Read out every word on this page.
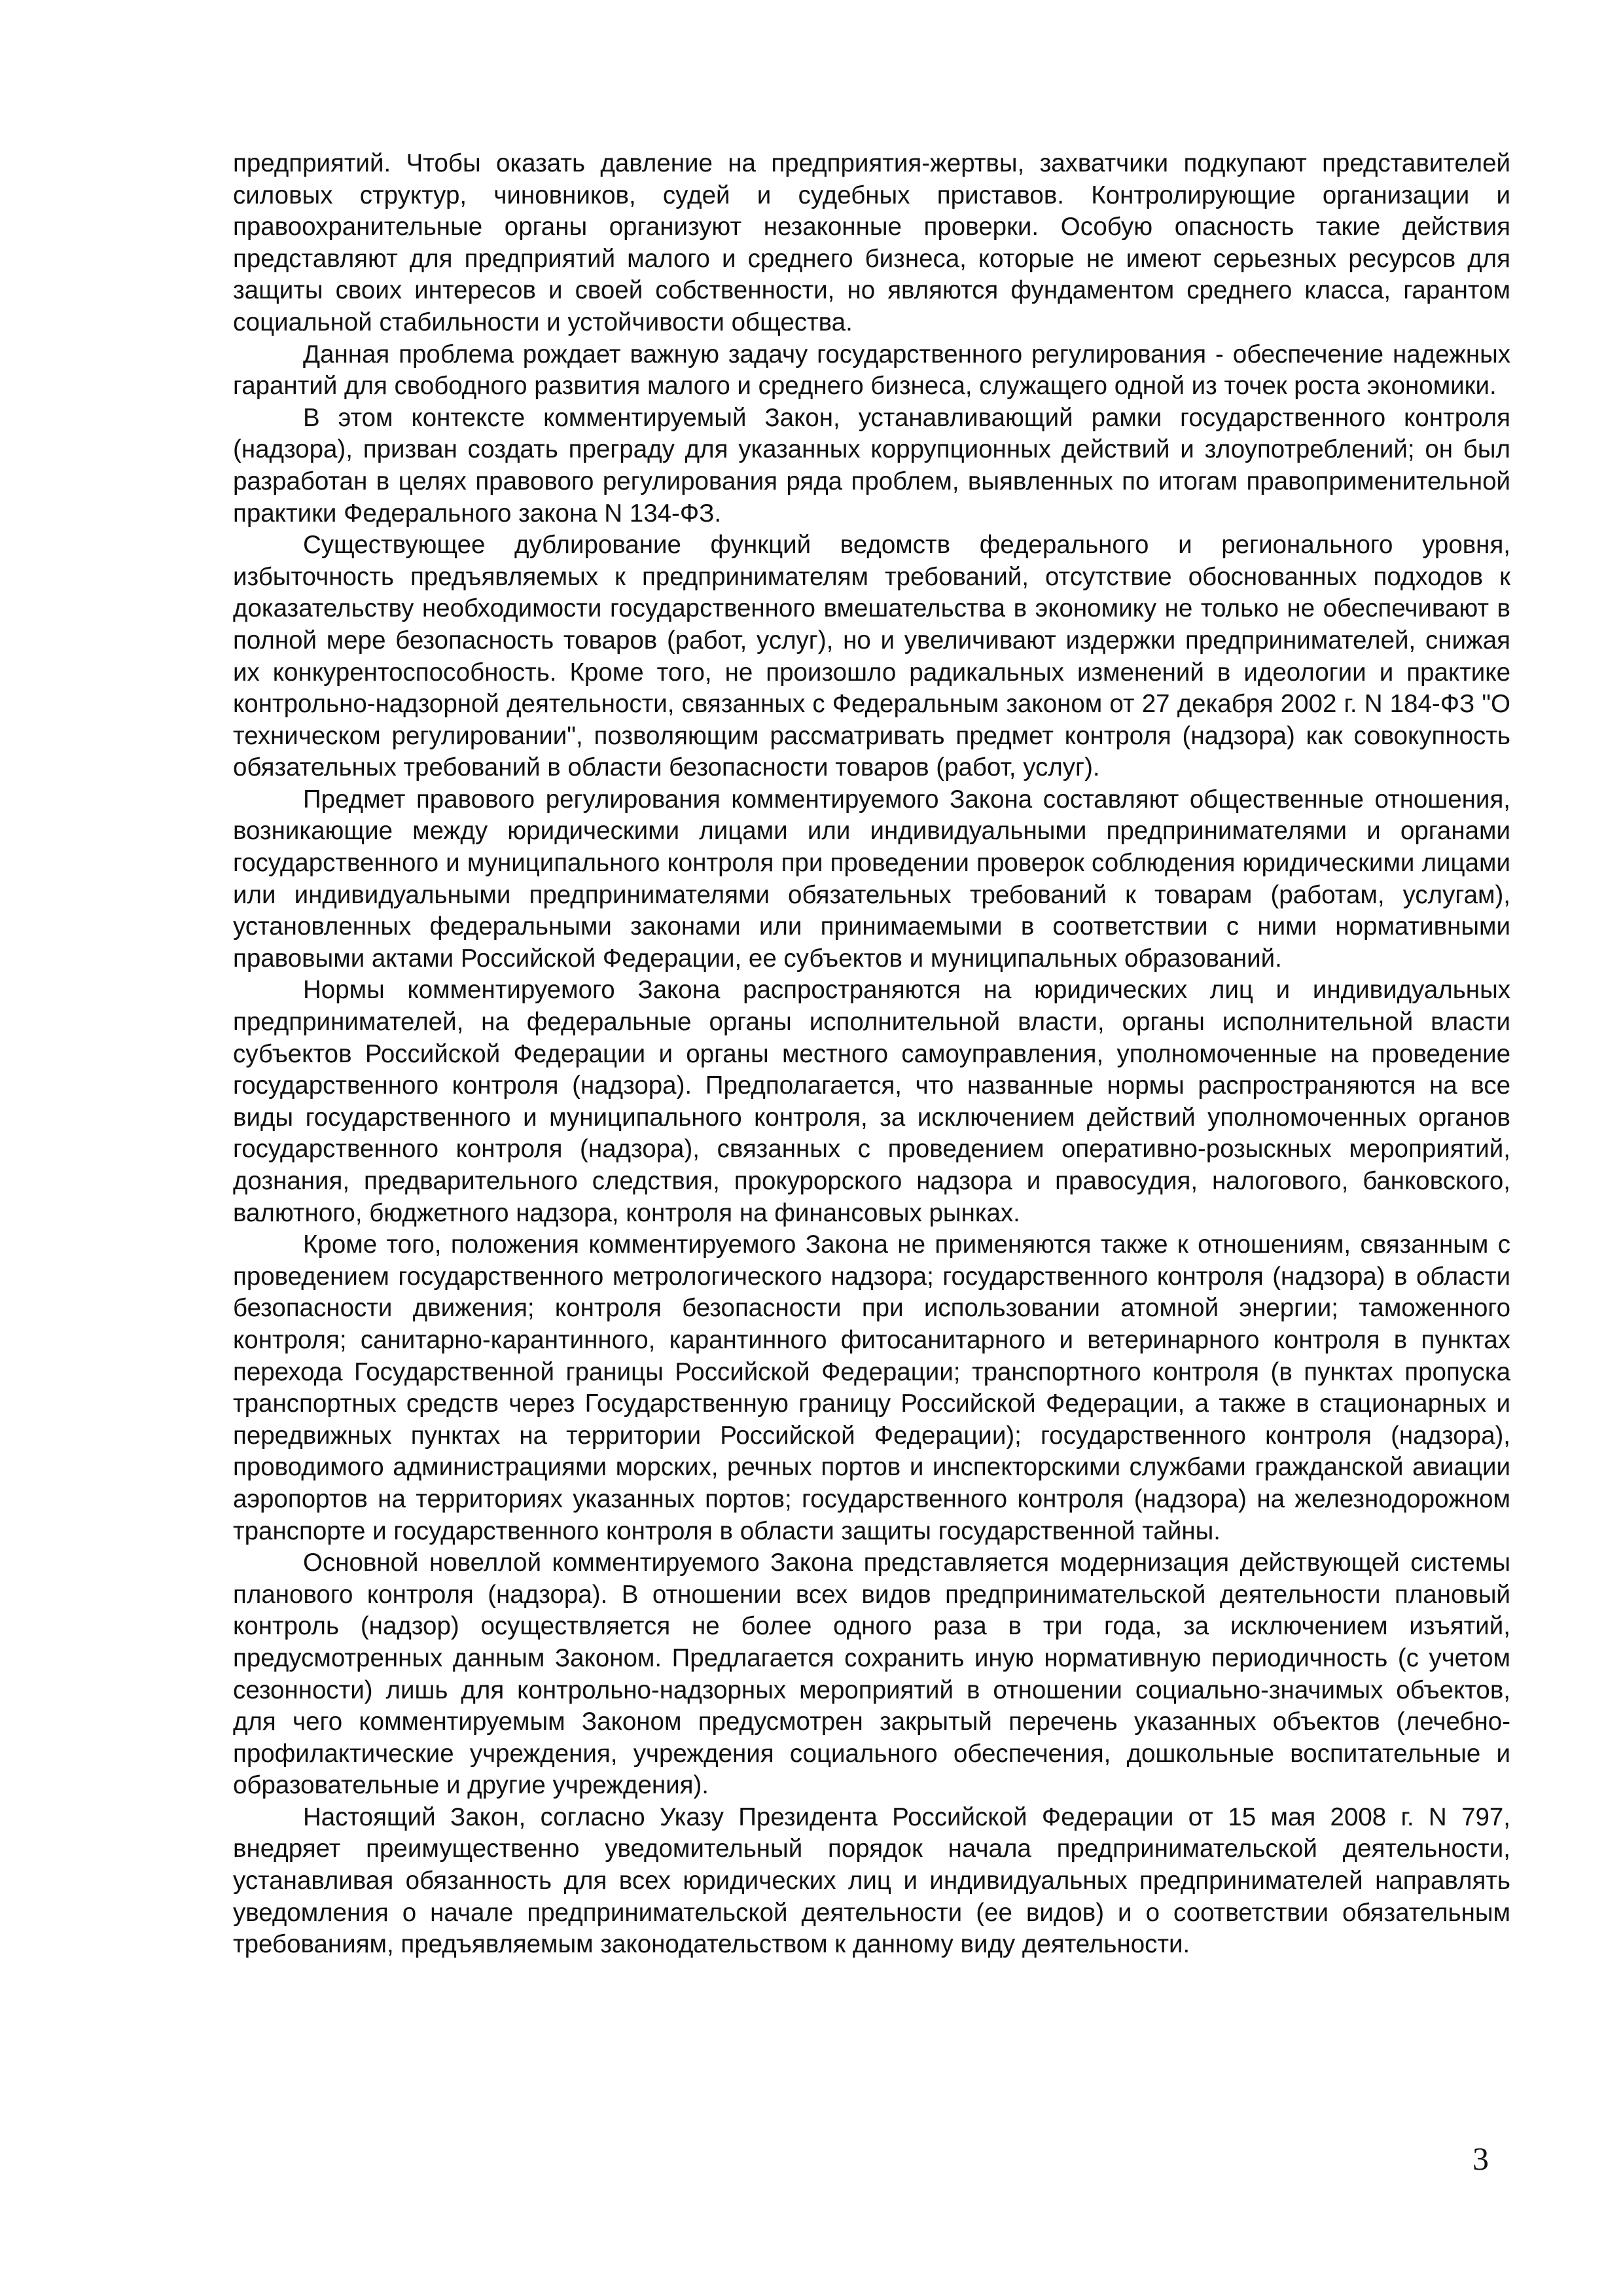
предприятий. Чтобы оказать давление на предприятия-жертвы, захватчики подкупают представителей силовых структур, чиновников, судей и судебных приставов. Контролирующие организации и правоохранительные органы организуют незаконные проверки. Особую опасность такие действия представляют для предприятий малого и среднего бизнеса, которые не имеют серьезных ресурсов для защиты своих интересов и своей собственности, но являются фундаментом среднего класса, гарантом социальной стабильности и устойчивости общества.

Данная проблема рождает важную задачу государственного регулирования - обеспечение надежных гарантий для свободного развития малого и среднего бизнеса, служащего одной из точек роста экономики.

В этом контексте комментируемый Закон, устанавливающий рамки государственного контроля (надзора), призван создать преграду для указанных коррупционных действий и злоупотреблений; он был разработан в целях правового регулирования ряда проблем, выявленных по итогам правоприменительной практики Федерального закона N 134-ФЗ.

Существующее дублирование функций ведомств федерального и регионального уровня, избыточность предъявляемых к предпринимателям требований, отсутствие обоснованных подходов к доказательству необходимости государственного вмешательства в экономику не только не обеспечивают в полной мере безопасность товаров (работ, услуг), но и увеличивают издержки предпринимателей, снижая их конкурентоспособность. Кроме того, не произошло радикальных изменений в идеологии и практике контрольно-надзорной деятельности, связанных с Федеральным законом от 27 декабря 2002 г. N 184-ФЗ "О техническом регулировании", позволяющим рассматривать предмет контроля (надзора) как совокупность обязательных требований в области безопасности товаров (работ, услуг).

Предмет правового регулирования комментируемого Закона составляют общественные отношения, возникающие между юридическими лицами или индивидуальными предпринимателями и органами государственного и муниципального контроля при проведении проверок соблюдения юридическими лицами или индивидуальными предпринимателями обязательных требований к товарам (работам, услугам), установленных федеральными законами или принимаемыми в соответствии с ними нормативными правовыми актами Российской Федерации, ее субъектов и муниципальных образований.

Нормы комментируемого Закона распространяются на юридических лиц и индивидуальных предпринимателей, на федеральные органы исполнительной власти, органы исполнительной власти субъектов Российской Федерации и органы местного самоуправления, уполномоченные на проведение государственного контроля (надзора). Предполагается, что названные нормы распространяются на все виды государственного и муниципального контроля, за исключением действий уполномоченных органов государственного контроля (надзора), связанных с проведением оперативно-розыскных мероприятий, дознания, предварительного следствия, прокурорского надзора и правосудия, налогового, банковского, валютного, бюджетного надзора, контроля на финансовых рынках.

Кроме того, положения комментируемого Закона не применяются также к отношениям, связанным с проведением государственного метрологического надзора; государственного контроля (надзора) в области безопасности движения; контроля безопасности при использовании атомной энергии; таможенного контроля; санитарно-карантинного, карантинного фитосанитарного и ветеринарного контроля в пунктах перехода Государственной границы Российской Федерации; транспортного контроля (в пунктах пропуска транспортных средств через Государственную границу Российской Федерации, а также в стационарных и передвижных пунктах на территории Российской Федерации); государственного контроля (надзора), проводимого администрациями морских, речных портов и инспекторскими службами гражданской авиации аэропортов на территориях указанных портов; государственного контроля (надзора) на железнодорожном транспорте и государственного контроля в области защиты государственной тайны.

Основной новеллой комментируемого Закона представляется модернизация действующей системы планового контроля (надзора). В отношении всех видов предпринимательской деятельности плановый контроль (надзор) осуществляется не более одного раза в три года, за исключением изъятий, предусмотренных данным Законом. Предлагается сохранить иную нормативную периодичность (с учетом сезонности) лишь для контрольно-надзорных мероприятий в отношении социально-значимых объектов, для чего комментируемым Законом предусмотрен закрытый перечень указанных объектов (лечебно-профилактические учреждения, учреждения социального обеспечения, дошкольные воспитательные и образовательные и другие учреждения).

Настоящий Закон, согласно Указу Президента Российской Федерации от 15 мая 2008 г. N 797, внедряет преимущественно уведомительный порядок начала предпринимательской деятельности, устанавливая обязанность для всех юридических лиц и индивидуальных предпринимателей направлять уведомления о начале предпринимательской деятельности (ее видов) и о соответствии обязательным требованиям, предъявляемым законодательством к данному виду деятельности.

3
